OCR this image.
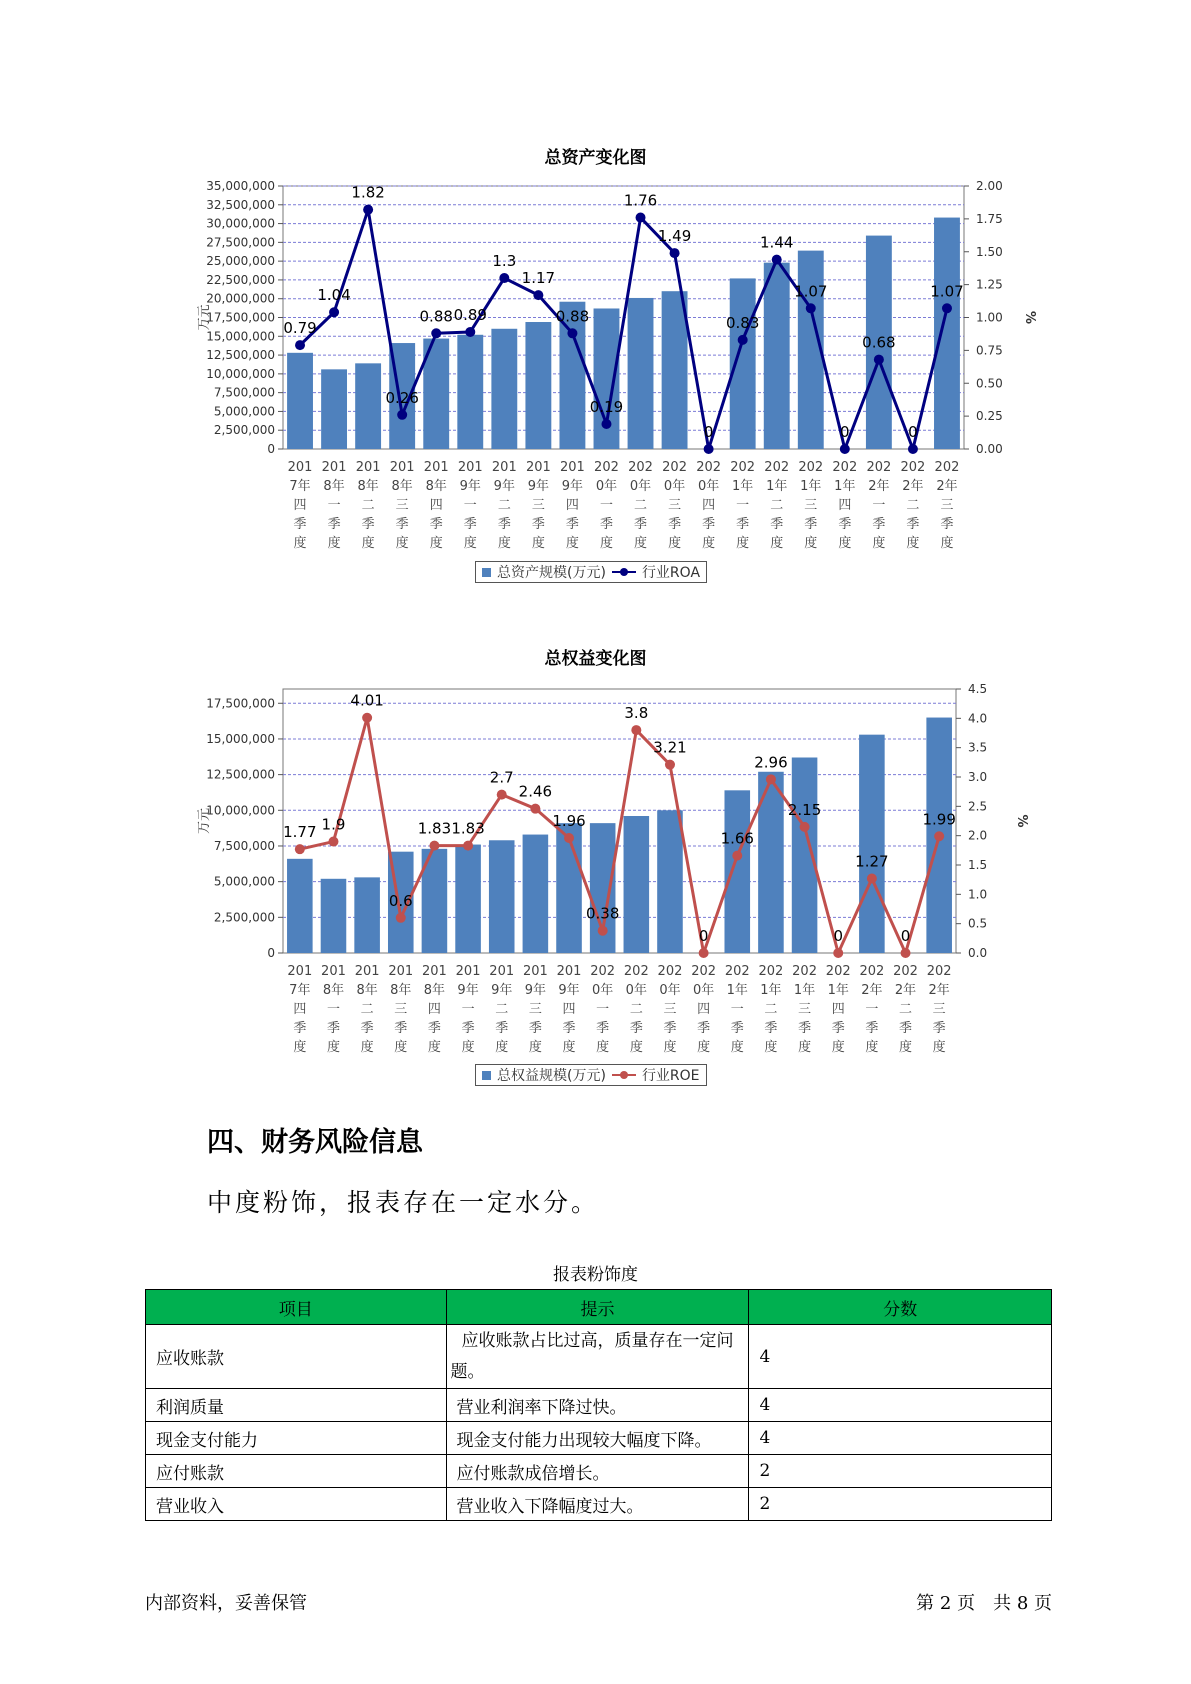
总资产变化图
0
2,500,000
5,000,000
7,500,000
10,000,000
12,500,000
15,000,000
17,500,000
20,000,000
22,500,000
25,000,000
27,500,000
30,000,000
32,500,000
35,000,000
0.00
0.25
0.50
0.75
1.00
1.25
1.50
1.75
2.00
万元	%
201 7年四季度
201 8年一季度
201 8年二季度
201 8年三季度
201 8年四季度
201 9年一季度
201 9年二季度
201 9年三季度
201 9年四季度
202 0年一季度
202 0年二季度
202 0年三季度
202 0年四季度
202 1年一季度
202 1年二季度
202 1年三季度
202 1年四季度
202 2年一季度
202 2年二季度
202 2年三季度
0.79
1.04
1.82
0.26
0.88 0.89
1.3
1.17
0.88
0.19
1.76
1.49
0
0.83
1.44
1.07
0
0.68
0
1.07
总资产规模(万元)	行业ROA
总权益变化图
0
2,500,000
5,000,000
7,500,000
10,000,000
12,500,000
15,000,000
17,500,000
0.0
0.5
1.0
1.5
2.0
2.5
3.0
3.5
4.0
4.5
万元	%
201 7年四季度
201 8年一季度
201 8年二季度
201 8年三季度
201 8年四季度
201 9年一季度
201 9年二季度
201 9年三季度
201 9年四季度
202 0年一季度
202 0年二季度
202 0年三季度
202 0年四季度
202 1年一季度
202 1年二季度
202 1年三季度
202 1年四季度
202 2年一季度
202 2年二季度
202 2年三季度
1.77 1.9
4.01
0.6
1.83 1.83
2.7
2.46
1.96
0.38
3.8
3.21
0
1.66
2.96
2.15
0
1.27
0
1.99
总权益规模(万元)	行业ROE
四、财务风险信息
中度粉饰，报表存在一定水分。
报表粉饰度
项目	提示	分数
应收账款	应收账款占比过高，质量存在一定问题。	4
利润质量	营业利润率下降过快。	4
现金支付能力	现金支付能力出现较大幅度下降。	4
应付账款	应付账款成倍增长。	2
营业收入	营业收入下降幅度过大。	2
内部资料，妥善保管	第 2 页　共 8 页
